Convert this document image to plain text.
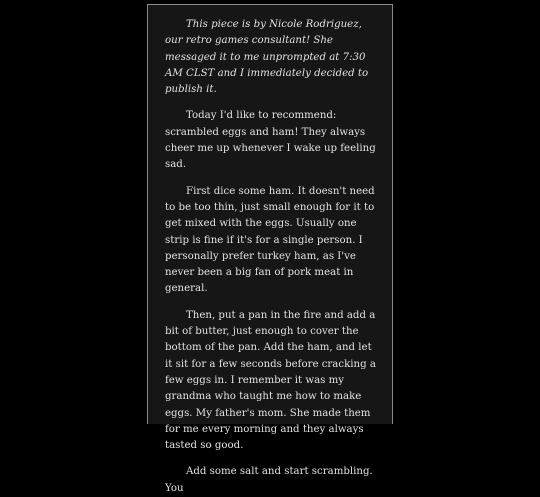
This piece is by Nicole Rodriguez, our retro games consultant! She messaged it to me unprompted at 7:30 AM CLST and I immediately decided to publish it.

Today I'd like to recommend: scrambled eggs and ham! They always cheer me up whenever I wake up feeling sad.

First dice some ham. It doesn't need to be too thin, just small enough for it to get mixed with the eggs. Usually one strip is fine if it's for a single person. I personally prefer turkey ham, as I've never been a big fan of pork meat in general.

Then, put a pan in the fire and add a bit of butter, just enough to cover the bottom of the pan. Add the ham, and let it sit for a few seconds before cracking a few eggs in. I remember it was my grandma who taught me how to make eggs. My father's mom. She made them for me every morning and they always tasted so good.

Add some salt and start scrambling. You
